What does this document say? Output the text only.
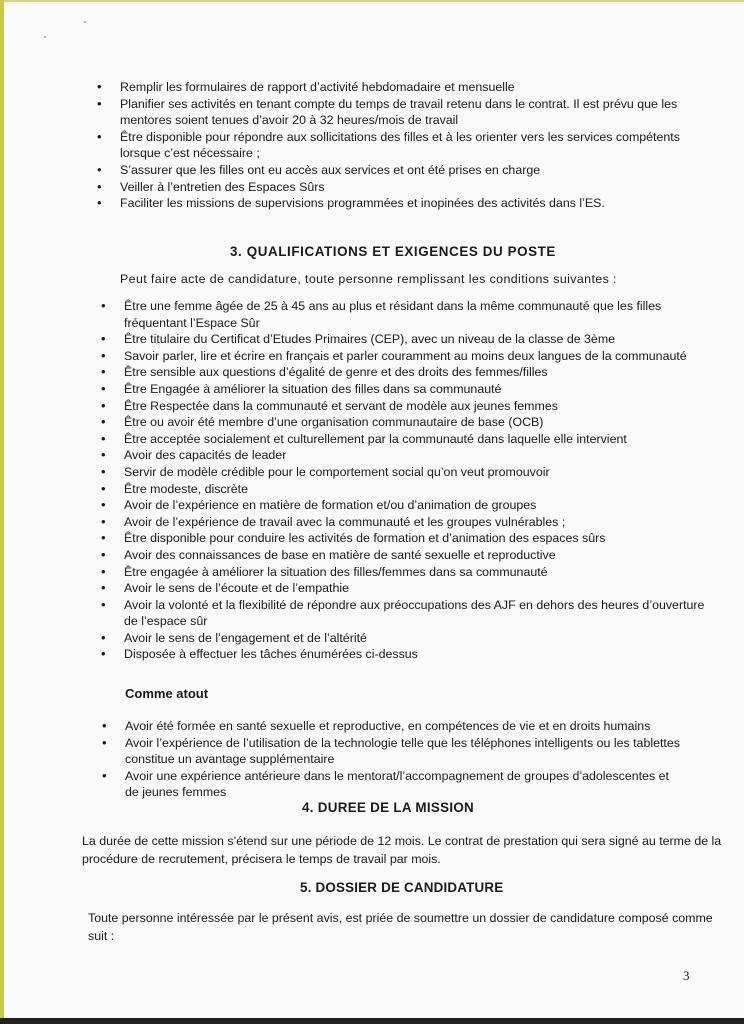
• Remplir les formulaires de rapport d’activité hebdomadaire et mensuelle
• Planifier ses activités en tenant compte du temps de travail retenu dans le contrat. Il est prévu que les mentores soient tenues d’avoir 20 à 32 heures/mois de travail
• Être disponible pour répondre aux sollicitations des filles et à les orienter vers les services compétents lorsque c’est nécessaire ;
• S’assurer que les filles ont eu accès aux services et ont été prises en charge
• Veiller à l’entretien des Espaces Sûrs
• Faciliter les missions de supervisions programmées et inopinées des activités dans l’ES.
3. QUALIFICATIONS ET EXIGENCES DU POSTE
Peut faire acte de candidature, toute personne remplissant les conditions suivantes :
• Être une femme âgée de 25 à 45 ans au plus et résidant dans la même communauté que les filles fréquentant l’Espace Sûr
• Être titulaire du Certificat d’Etudes Primaires (CEP), avec un niveau de la classe de 3ème
• Savoir parler, lire et écrire en français et parler couramment au moins deux langues de la communauté
• Être sensible aux questions d’égalité de genre et des droits des femmes/filles
• Être Engagée à améliorer la situation des filles dans sa communauté
• Être Respectée dans la communauté et servant de modèle aux jeunes femmes
• Être ou avoir été membre d’une organisation communautaire de base (OCB)
• Être acceptée socialement et culturellement par la communauté dans laquelle elle intervient
• Avoir des capacités de leader
• Servir de modèle crédible pour le comportement social qu’on veut promouvoir
• Être modeste, discrète
• Avoir de l’expérience en matière de formation et/ou d’animation de groupes
• Avoir de l’expérience de travail avec la communauté et les groupes vulnérables ;
• Être disponible pour conduire les activités de formation et d’animation des espaces sûrs
• Avoir des connaissances de base en matière de santé sexuelle et reproductive
• Être engagée à améliorer la situation des filles/femmes dans sa communauté
• Avoir le sens de l’écoute et de l’empathie
• Avoir la volonté et la flexibilité de répondre aux préoccupations des AJF en dehors des heures d’ouverture de l’espace sûr
• Avoir le sens de l’engagement et de l’altérité
• Disposée à effectuer les tâches énumérées ci-dessus
Comme atout
• Avoir été formée en santé sexuelle et reproductive, en compétences de vie et en droits humains
• Avoir l’expérience de l’utilisation de la technologie telle que les téléphones intelligents ou les tablettes constitue un avantage supplémentaire
• Avoir une expérience antérieure dans le mentorat/l’accompagnement de groupes d’adolescentes et de jeunes femmes
4. DUREE DE LA MISSION
La durée de cette mission s’étend sur une période de 12 mois. Le contrat de prestation qui sera signé au terme de la procédure de recrutement, précisera le temps de travail par mois.
5. DOSSIER DE CANDIDATURE
Toute personne intéressée par le présent avis, est priée de soumettre un dossier de candidature composé comme suit :
3
